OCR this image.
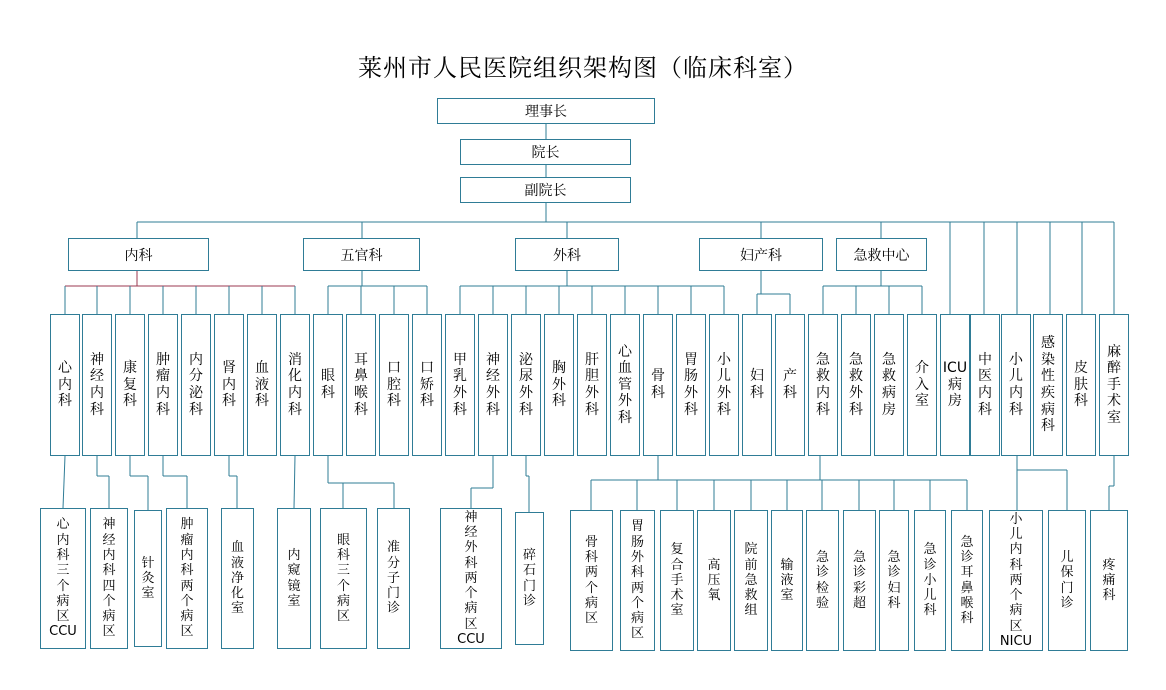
莱州市人民医院组织架构图（临床科室）
理事长
院长
副院长
内科	五官科	外科	妇产科	急救中心
心
内
科
神
经
内
科
康
复
科
肿
瘤
内
科
内
分
泌
科
肾
内
科
血
液
科
消
化
内
科
眼
科
耳
鼻
喉
科
口
腔
科
口
矫
科
甲
乳
外
科
神
经
外
科
泌
尿
外
科
胸
外
科
肝
胆
外
科
心
血
管
外
科
骨
科
胃
肠
外
科
小
儿
外
科
妇
科
产
科
急
救
内
科
急
救
外
科
急
救
病
房
介
入
室
ICU
病
房
中
医
内
科
小
儿
内
科
感
染
性
疾
病
科
皮
肤
科
麻
醉
手
术
室
心
内
科
三
个
病
区
CCU
神
经
内
科
四
个
病
区
针
灸
室
肿
瘤
内
科
两
个
病
区
血
液
净
化
室
内
窥
镜
室
眼
科
三
个
病
区
准
分
子
门
诊
神
经
外
科
两
个
病
区
CCU
碎
石
门
诊
骨
科
两
个
病
区
胃
肠
外
科
两
个
病
区
复
合
手
术
室
高
压
氧
院
前
急
救
组
输
液
室
急
诊
检
验
急
诊
彩
超
急
诊
妇
科
急
诊
小
儿
科
急
诊
耳
鼻
喉
科
小
儿
内
科
两
个
病
区
NICU
儿
保
门
诊
疼
痛
科
